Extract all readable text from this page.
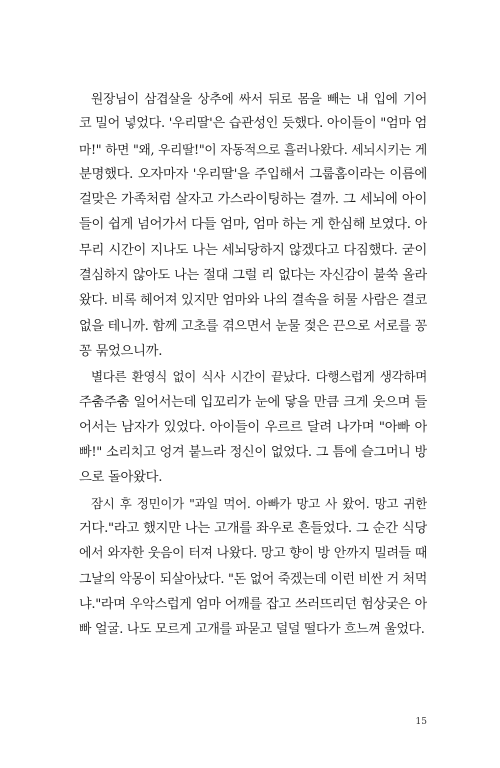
원장님이 삼겹살을 상추에 싸서 뒤로 몸을 빼는 내 입에 기어
코 밀어 넣었다. '우리딸'은 습관성인 듯했다. 아이들이 "엄마 엄
마!" 하면 "왜, 우리딸!"이 자동적으로 흘러나왔다. 세뇌시키는 게
분명했다. 오자마자 '우리딸'을 주입해서 그룹홈이라는 이름에
걸맞은 가족처럼 살자고 가스라이팅하는 결까. 그 세뇌에 아이
들이 쉽게 넘어가서 다들 엄마, 엄마 하는 게 한심해 보였다. 아
무리 시간이 지나도 나는 세뇌당하지 않겠다고 다짐했다. 굳이
결심하지 않아도 나는 절대 그럴 리 없다는 자신감이 불쑥 올라
왔다. 비록 헤어져 있지만 엄마와 나의 결속을 허물 사람은 결코
없을 테니까. 함께 고초를 겪으면서 눈물 젖은 끈으로 서로를 꽁
꽁 묶었으니까.
별다른 환영식 없이 식사 시간이 끝났다. 다행스럽게 생각하며
주춤주춤 일어서는데 입꼬리가 눈에 닿을 만큼 크게 웃으며 들
어서는 남자가 있었다. 아이들이 우르르 달려 나가며 "아빠 아
빠!" 소리치고 엉겨 붙느라 정신이 없었다. 그 틈에 슬그머니 방
으로 돌아왔다.
잠시 후 정민이가 "과일 먹어. 아빠가 망고 사 왔어. 망고 귀한
거다."라고 했지만 나는 고개를 좌우로 흔들었다. 그 순간 식당
에서 와자한 웃음이 터져 나왔다. 망고 향이 방 안까지 밀려들 때
그날의 악몽이 되살아났다. "돈 없어 죽겠는데 이런 비싼 거 처먹
냐."라며 우악스럽게 엄마 어깨를 잡고 쓰러뜨리던 험상궂은 아
빠 얼굴. 나도 모르게 고개를 파묻고 덜덜 떨다가 흐느껴 울었다.
15
